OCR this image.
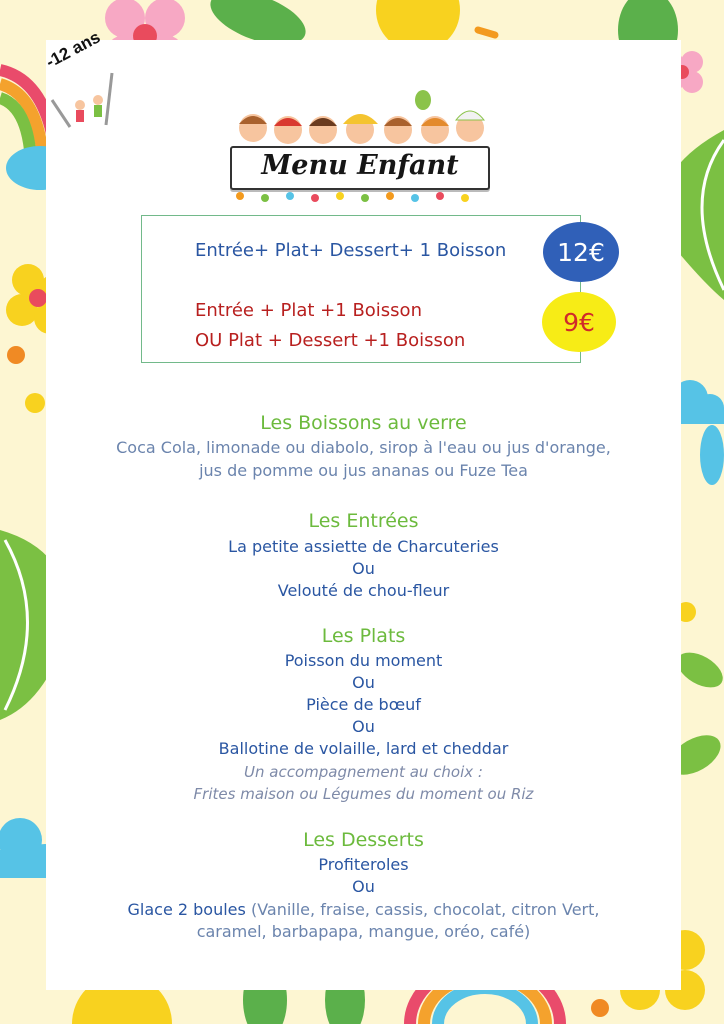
-12 ans
Menu Enfant
Entrée+ Plat+ Dessert+ 1 Boisson	12€
Entrée + Plat +1 Boisson
OU Plat + Dessert +1 Boisson
9€
Les Boissons au verre
Coca Cola, limonade ou diabolo, sirop à l'eau ou jus d'orange,
jus de pomme ou jus ananas ou Fuze Tea
Les Entrées
La petite assiette de Charcuteries
Ou
Velouté de chou-fleur
Les Plats
Poisson du moment
Ou
Pièce de bœuf
Ou
Ballotine de volaille, lard et cheddar
Un accompagnement au choix :
Frites maison ou Légumes du moment ou Riz
Les Desserts
Profiteroles
Ou
Glace 2 boules (Vanille, fraise, cassis, chocolat, citron Vert,
caramel, barbapapa, mangue, oréo, café)
